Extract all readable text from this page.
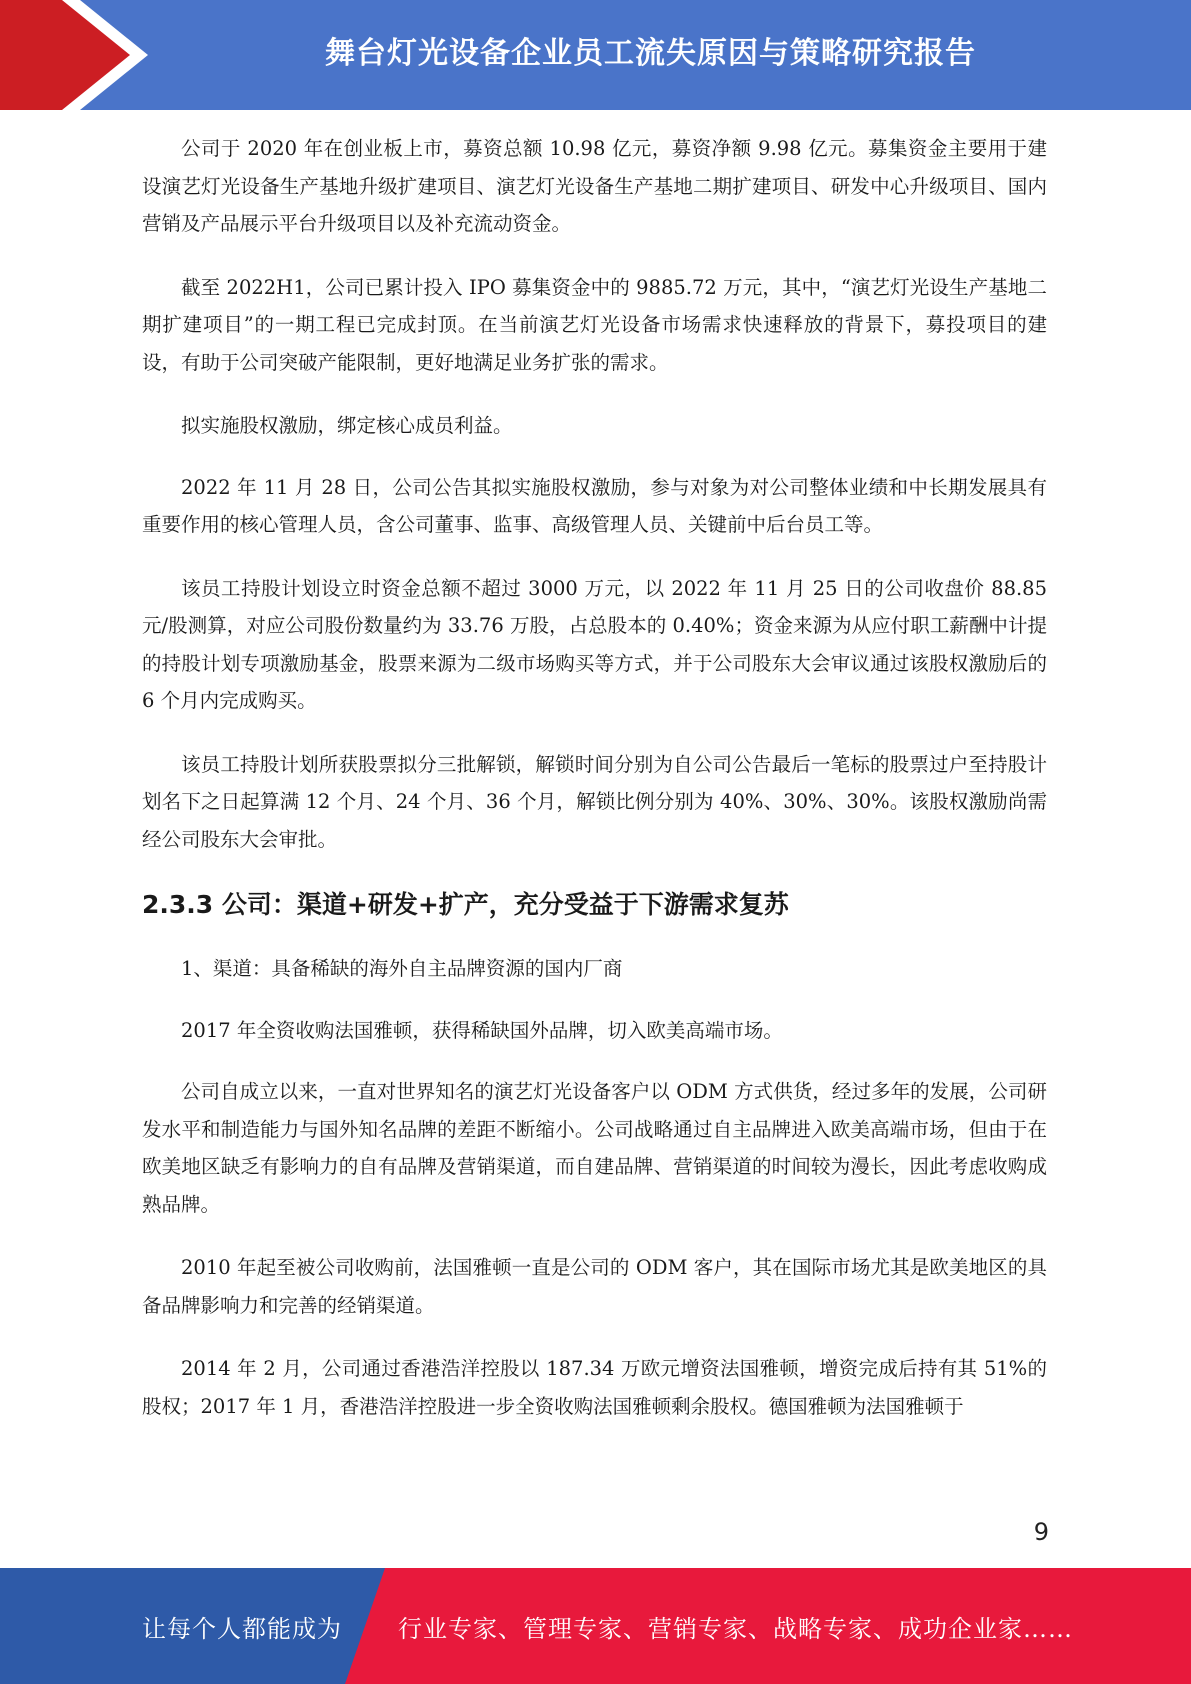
舞台灯光设备企业员工流失原因与策略研究报告

公司于 2020 年在创业板上市，募资总额 10.98 亿元，募资净额 9.98 亿元。募集资金主要用于建设演艺灯光设备生产基地升级扩建项目、演艺灯光设备生产基地二期扩建项目、研发中心升级项目、国内营销及产品展示平台升级项目以及补充流动资金。

截至 2022H1，公司已累计投入 IPO 募集资金中的 9885.72 万元，其中，“演艺灯光设生产基地二期扩建项目”的一期工程已完成封顶。在当前演艺灯光设备市场需求快速释放的背景下，募投项目的建设，有助于公司突破产能限制，更好地满足业务扩张的需求。

拟实施股权激励，绑定核心成员利益。

2022 年 11 月 28 日，公司公告其拟实施股权激励，参与对象为对公司整体业绩和中长期发展具有重要作用的核心管理人员，含公司董事、监事、高级管理人员、关键前中后台员工等。

该员工持股计划设立时资金总额不超过 3000 万元，以 2022 年 11 月 25 日的公司收盘价 88.85 元/股测算，对应公司股份数量约为 33.76 万股，占总股本的 0.40%；资金来源为从应付职工薪酬中计提的持股计划专项激励基金，股票来源为二级市场购买等方式，并于公司股东大会审议通过该股权激励后的 6 个月内完成购买。

该员工持股计划所获股票拟分三批解锁，解锁时间分别为自公司公告最后一笔标的股票过户至持股计划名下之日起算满 12 个月、24 个月、36 个月，解锁比例分别为 40%、30%、30%。该股权激励尚需经公司股东大会审批。

2.3.3 公司：渠道+研发+扩产，充分受益于下游需求复苏

1、渠道：具备稀缺的海外自主品牌资源的国内厂商

2017 年全资收购法国雅顿，获得稀缺国外品牌，切入欧美高端市场。

公司自成立以来，一直对世界知名的演艺灯光设备客户以 ODM 方式供货，经过多年的发展，公司研发水平和制造能力与国外知名品牌的差距不断缩小。公司战略通过自主品牌进入欧美高端市场，但由于在欧美地区缺乏有影响力的自有品牌及营销渠道，而自建品牌、营销渠道的时间较为漫长，因此考虑收购成熟品牌。

2010 年起至被公司收购前，法国雅顿一直是公司的 ODM 客户，其在国际市场尤其是欧美地区的具备品牌影响力和完善的经销渠道。

2014 年 2 月，公司通过香港浩洋控股以 187.34 万欧元增资法国雅顿，增资完成后持有其 51%的股权；2017 年 1 月，香港浩洋控股进一步全资收购法国雅顿剩余股权。德国雅顿为法国雅顿于

9
让每个人都能成为 行业专家、管理专家、营销专家、战略专家、成功企业家……
